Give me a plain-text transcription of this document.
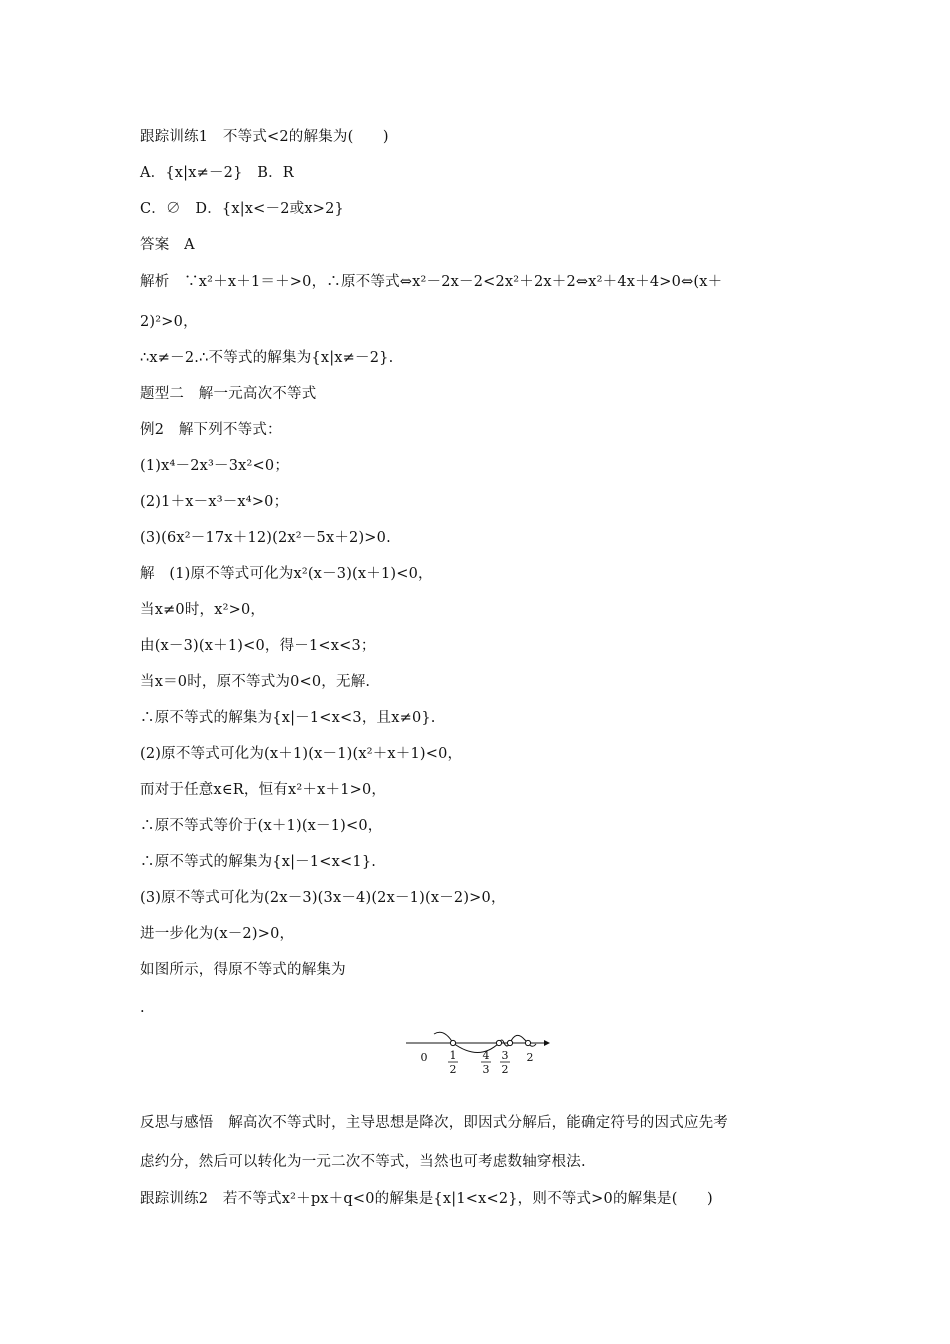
跟踪训练1　不等式<2的解集为(　　)
A．{x|x≠－2}　B．R
C．∅　D．{x|x<－2或x>2}
答案　A
解析　∵x²＋x＋1＝＋>0，∴原不等式⇔x²－2x－2<2x²＋2x＋2⇔x²＋4x＋4>0⇔(x＋
2)²>0，
∴x≠－2.∴不等式的解集为{x|x≠－2}.
题型二　解一元高次不等式
例2　解下列不等式：
(1)x⁴－2x³－3x²<0；
(2)1＋x－x³－x⁴>0；
(3)(6x²－17x＋12)(2x²－5x＋2)>0.
解　(1)原不等式可化为x²(x－3)(x＋1)<0，
当x≠0时，x²>0，
由(x－3)(x＋1)<0，得－1<x<3；
当x＝0时，原不等式为0<0，无解.
∴原不等式的解集为{x|－1<x<3，且x≠0}.
(2)原不等式可化为(x＋1)(x－1)(x²＋x＋1)<0，
而对于任意x∈R，恒有x²＋x＋1>0，
∴原不等式等价于(x＋1)(x－1)<0，
∴原不等式的解集为{x|－1<x<1}.
(3)原不等式可化为(2x－3)(3x－4)(2x－1)(x－2)>0，
进一步化为(x－2)>0，
如图所示，得原不等式的解集为
.
反思与感悟　解高次不等式时，主导思想是降次，即因式分解后，能确定符号的因式应先考
虑约分，然后可以转化为一元二次不等式，当然也可考虑数轴穿根法.
跟踪训练2　若不等式x²＋px＋q<0的解集是{x|1<x<2}，则不等式>0的解集是(　　)
0 1
2
4
3
3
2
2
